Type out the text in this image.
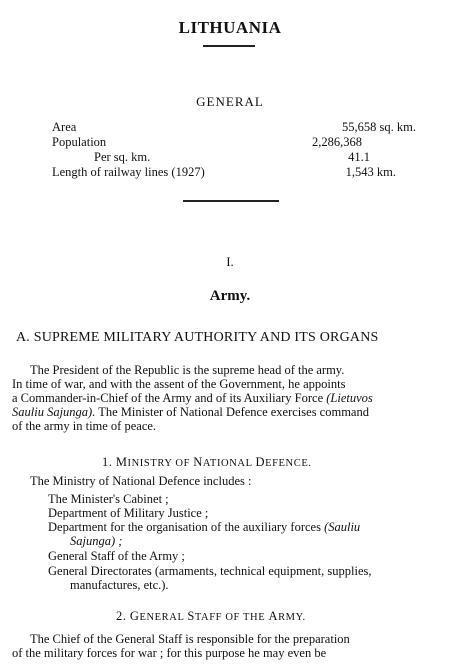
LITHUANIA
GENERAL
Area	55,658 sq. km.
Population	2,286,368
Per sq. km.	41.1
Length of railway lines (1927)	1,543 km.
I.
Army.
A. SUPREME MILITARY AUTHORITY AND ITS ORGANS
The President of the Republic is the supreme head of the army.
In time of war, and with the assent of the Government, he appoints
a Commander-in-Chief of the Army and of its Auxiliary Force (Lietuvos
Sauliu Sajunga). The Minister of National Defence exercises command
of the army in time of peace.
1. MINISTRY OF NATIONAL DEFENCE.
The Ministry of National Defence includes :
The Minister's Cabinet ;
Department of Military Justice ;
Department for the organisation of the auxiliary forces (Sauliu
Sajunga) ;
General Staff of the Army ;
General Directorates (armaments, technical equipment, supplies,
manufactures, etc.).
2. GENERAL STAFF OF THE ARMY.
The Chief of the General Staff is responsible for the preparation
of the military forces for war ; for this purpose he may even be
